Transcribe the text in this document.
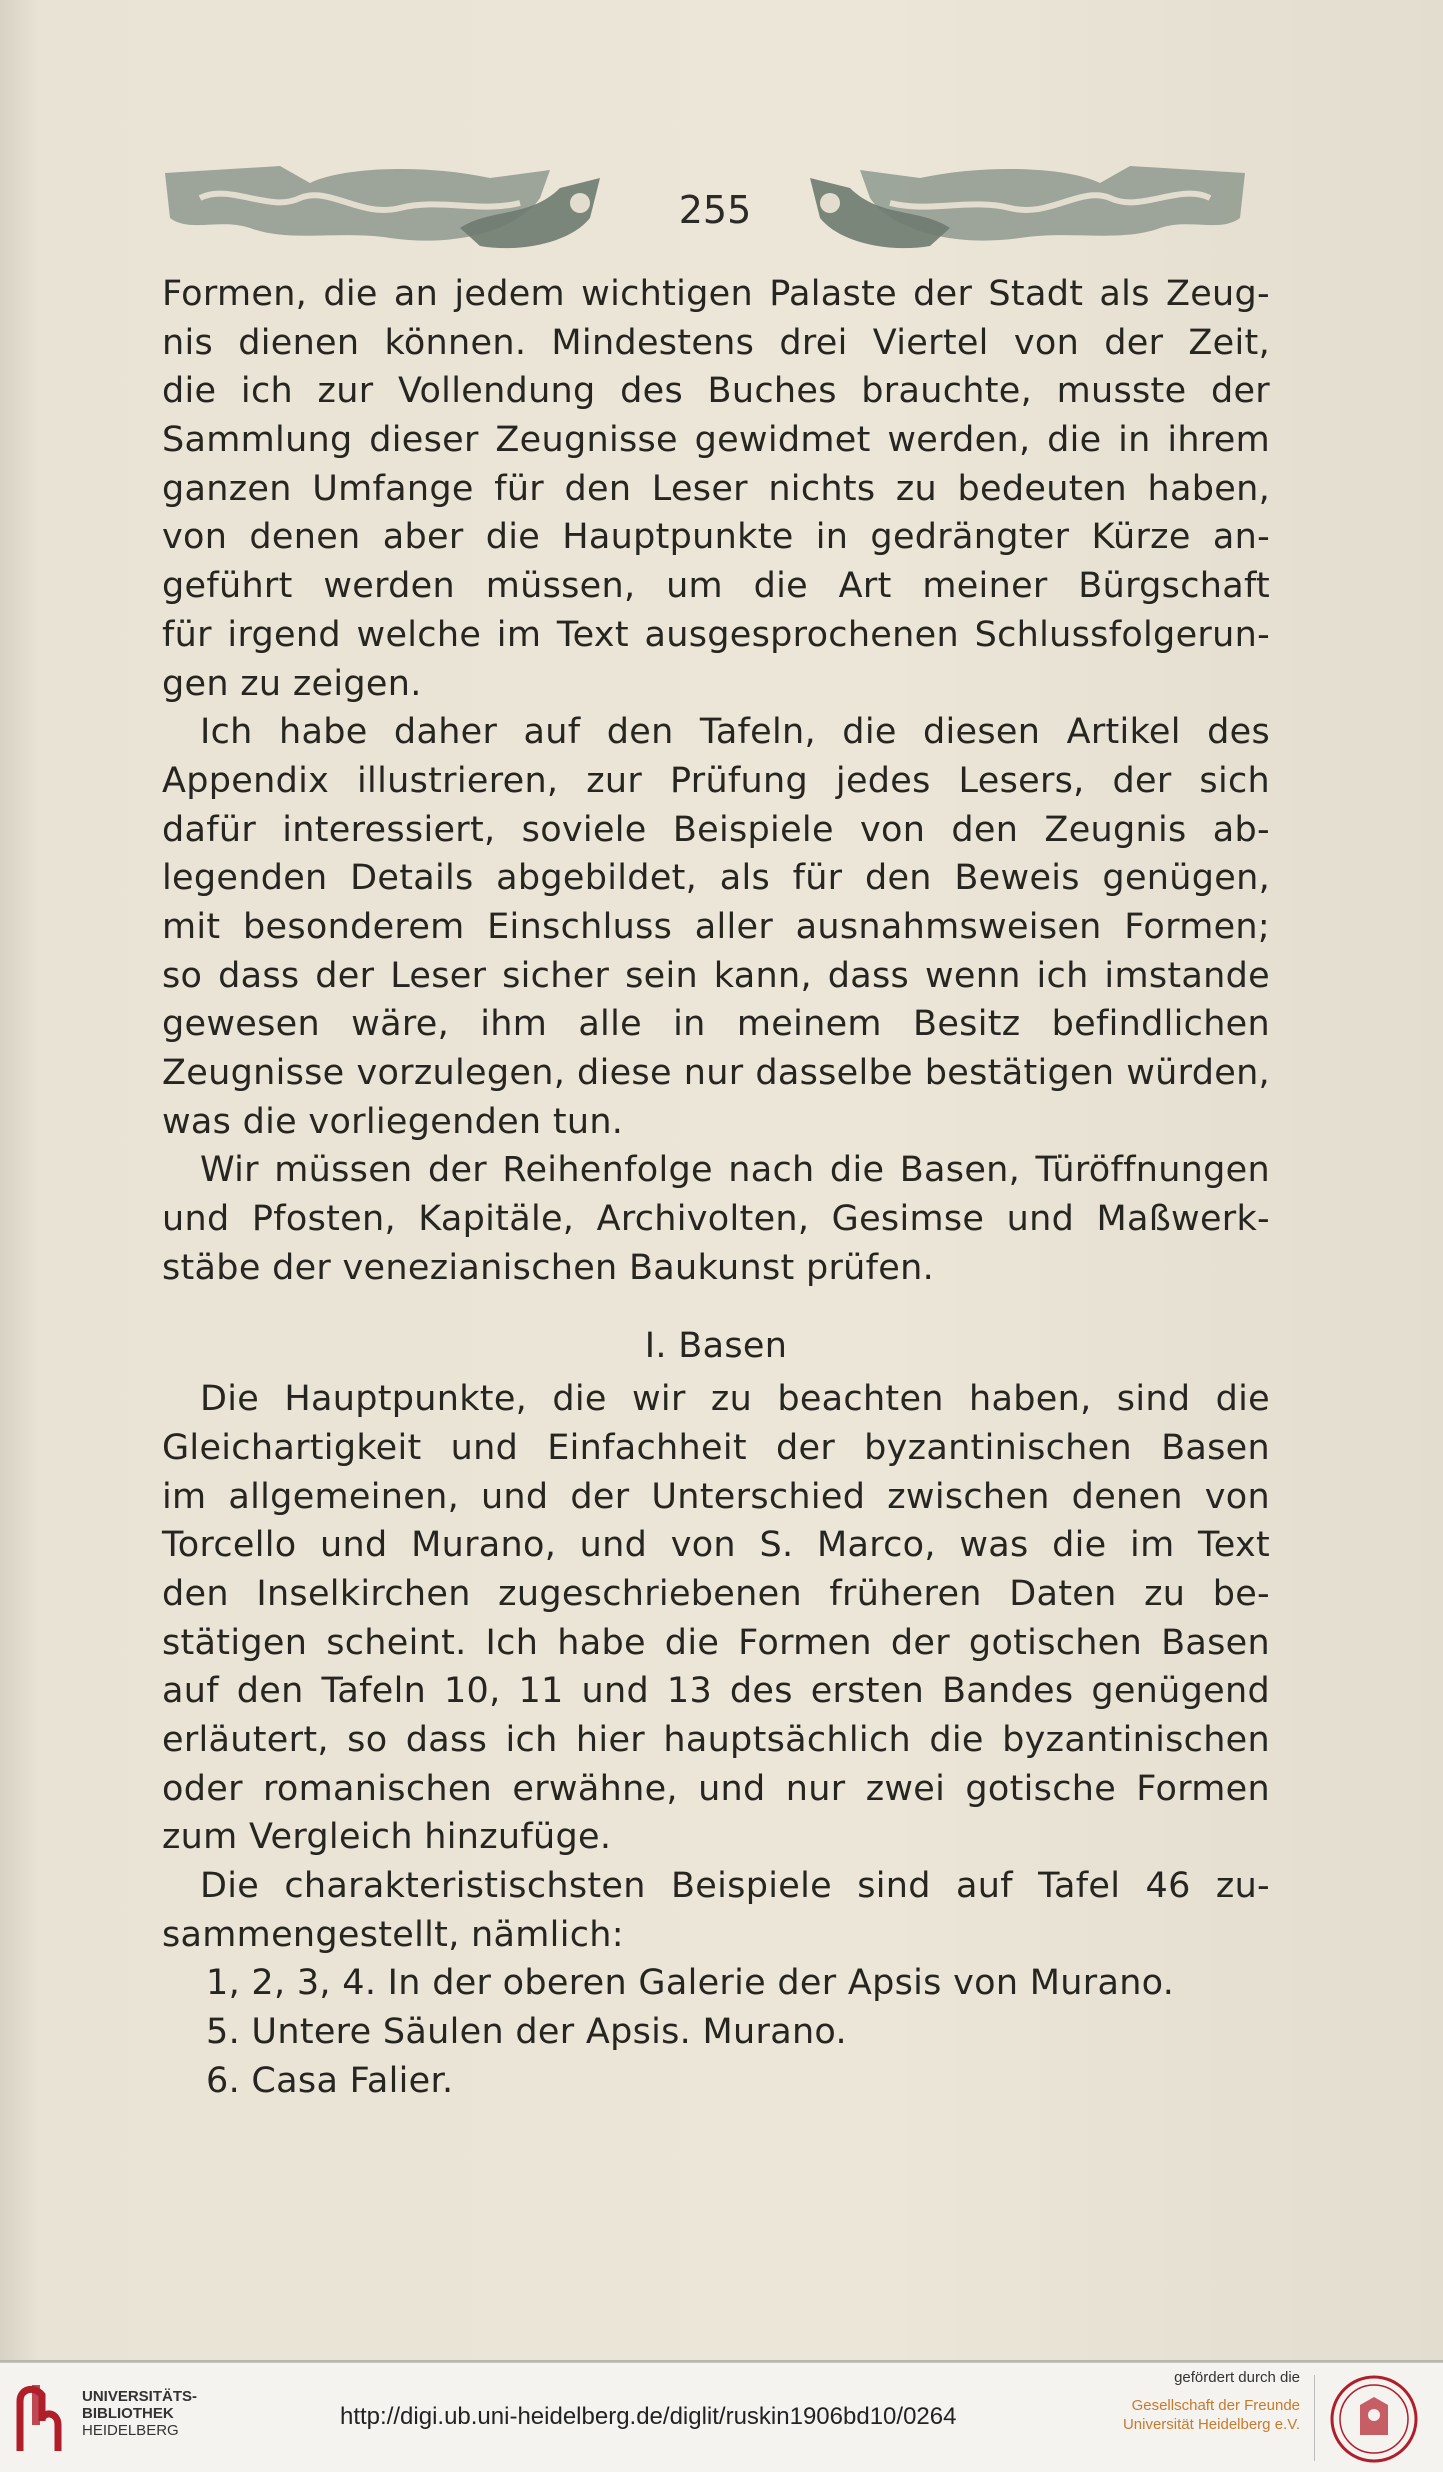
255
Formen, die an jedem wichtigen Palaste der Stadt als Zeug-
nis dienen können. Mindestens drei Viertel von der Zeit,
die ich zur Vollendung des Buches brauchte, musste der
Sammlung dieser Zeugnisse gewidmet werden, die in ihrem
ganzen Umfange für den Leser nichts zu bedeuten haben,
von denen aber die Hauptpunkte in gedrängter Kürze an-
geführt werden müssen, um die Art meiner Bürgschaft
für irgend welche im Text ausgesprochenen Schlussfolgerun-
gen zu zeigen.
Ich habe daher auf den Tafeln, die diesen Artikel des
Appendix illustrieren, zur Prüfung jedes Lesers, der sich
dafür interessiert, soviele Beispiele von den Zeugnis ab-
legenden Details abgebildet, als für den Beweis genügen,
mit besonderem Einschluss aller ausnahmsweisen Formen;
so dass der Leser sicher sein kann, dass wenn ich imstande
gewesen wäre, ihm alle in meinem Besitz befindlichen
Zeugnisse vorzulegen, diese nur dasselbe bestätigen würden,
was die vorliegenden tun.
Wir müssen der Reihenfolge nach die Basen, Türöffnungen
und Pfosten, Kapitäle, Archivolten, Gesimse und Maßwerk-
stäbe der venezianischen Baukunst prüfen.
I. Basen
Die Hauptpunkte, die wir zu beachten haben, sind die
Gleichartigkeit und Einfachheit der byzantinischen Basen
im allgemeinen, und der Unterschied zwischen denen von
Torcello und Murano, und von S. Marco, was die im Text
den Inselkirchen zugeschriebenen früheren Daten zu be-
stätigen scheint. Ich habe die Formen der gotischen Basen
auf den Tafeln 10, 11 und 13 des ersten Bandes genügend
erläutert, so dass ich hier hauptsächlich die byzantinischen
oder romanischen erwähne, und nur zwei gotische Formen
zum Vergleich hinzufüge.
Die charakteristischsten Beispiele sind auf Tafel 46 zu-
sammengestellt, nämlich:
1, 2, 3, 4. In der oberen Galerie der Apsis von Murano.
5. Untere Säulen der Apsis. Murano.
6. Casa Falier.
UNIVERSITÄTS-
BIBLIOTHEK
HEIDELBERG
http://digi.ub.uni-heidelberg.de/diglit/ruskin1906bd10/0264
gefördert durch die
Gesellschaft der Freunde
Universität Heidelberg e.V.
